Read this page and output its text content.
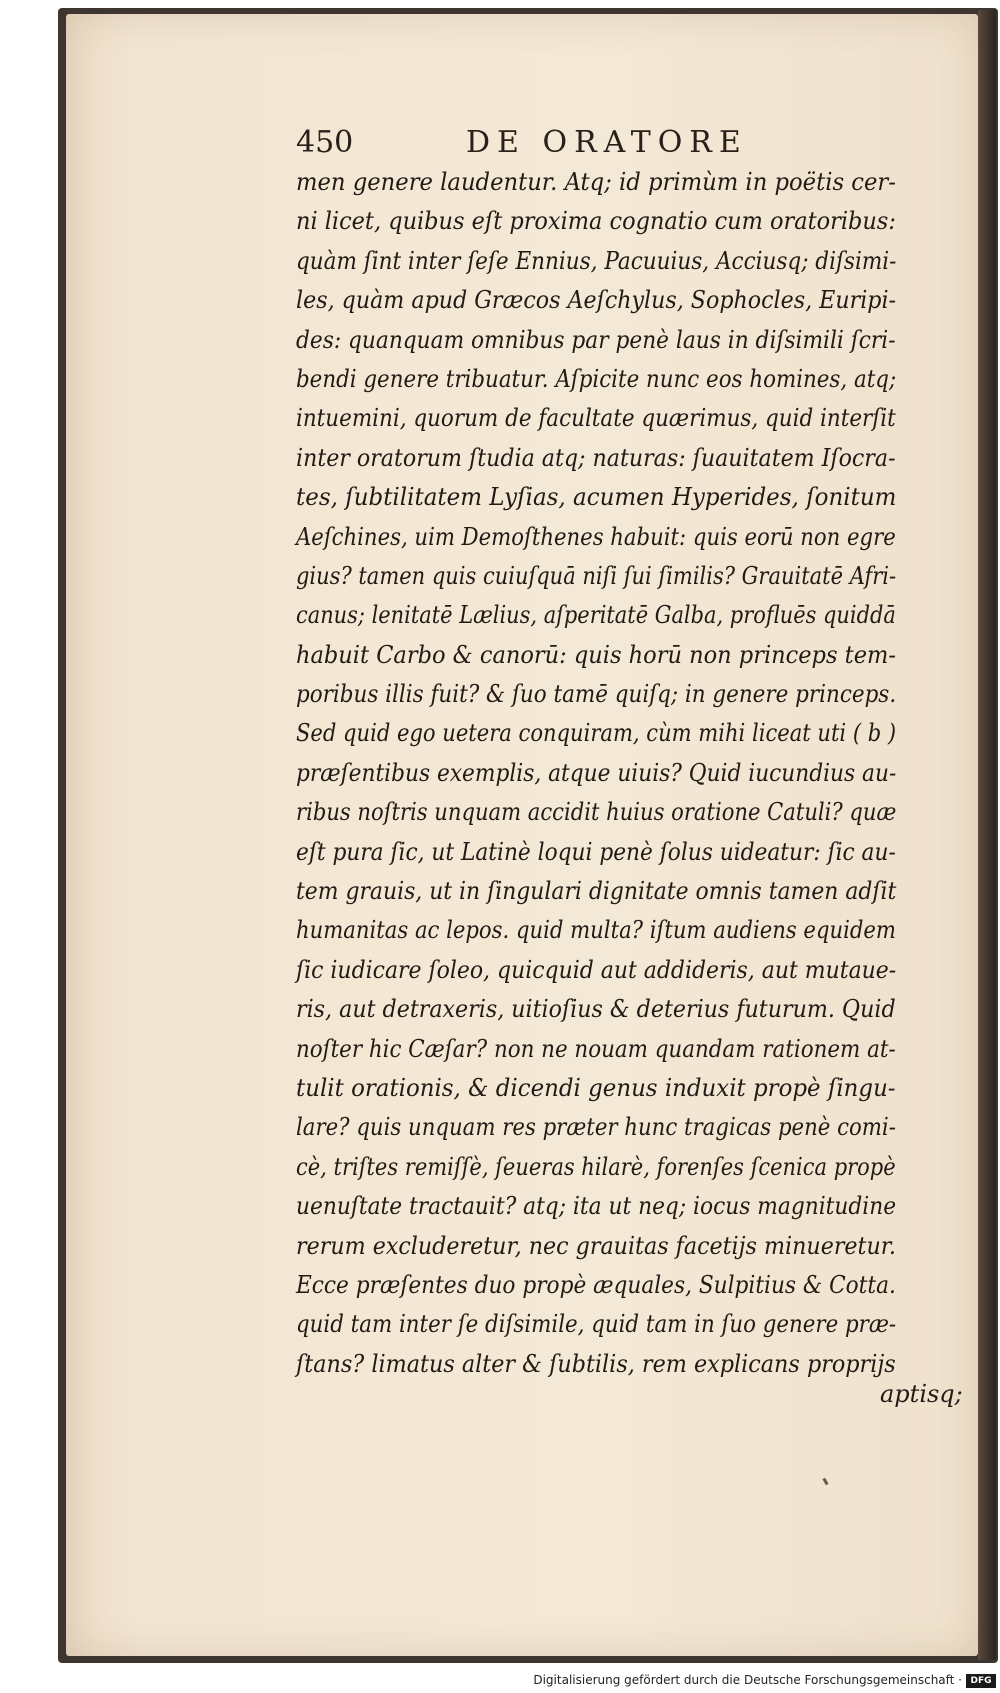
450	DE ORATORE
men genere laudentur. Atq; id primùm in poëtis cer-
ni licet, quibus eſt proxima cognatio cum oratoribus:
quàm ſint inter ſeſe Ennius, Pacuuius, Acciusq; diſsimi-
les, quàm apud Græcos Aeſchylus, Sophocles, Euripi-
des: quanquam omnibus par penè laus in diſsimili ſcri-
bendi genere tribuatur. Aſpicite nunc eos homines, atq;
intuemini, quorum de facultate quærimus, quid interſit
inter oratorum ſtudia atq; naturas: ſuauitatem Iſocra-
tes, ſubtilitatem Lyſias, acumen Hyperides, ſonitum
Aeſchines, uim Demoſthenes habuit: quis eorū non egre
gius? tamen quis cuiuſquā niſi ſui ſimilis? Grauitatē Afri-
canus; lenitatē Lælius, aſperitatē Galba, profluēs quiddā
habuit Carbo & canorū: quis horū non princeps tem-
poribus illis fuit? & ſuo tamē quiſq; in genere princeps.
Sed quid ego uetera conquiram, cùm mihi liceat uti ( b )
præſentibus exemplis, atque uiuis? Quid iucundius au-
ribus noſtris unquam accidit huius oratione Catuli? quæ
eſt pura ſic, ut Latinè loqui penè ſolus uideatur: ſic au-
tem grauis, ut in ſingulari dignitate omnis tamen adſit
humanitas ac lepos. quid multa? iſtum audiens equidem
ſic iudicare ſoleo, quicquid aut addideris, aut mutaue-
ris, aut detraxeris, uitioſius & deterius futurum. Quid
noſter hic Cæſar? non ne nouam quandam rationem at-
tulit orationis, & dicendi genus induxit propè ſingu-
lare? quis unquam res præter hunc tragicas penè comi-
cè, triſtes remiſſè, ſeueras hilarè, forenſes ſcenica propè
uenuſtate tractauit? atq; ita ut neq; iocus magnitudine
rerum excluderetur, nec grauitas facetijs minueretur.
Ecce præſentes duo propè æquales, Sulpitius & Cotta.
quid tam inter ſe diſsimile, quid tam in ſuo genere præ-
ſtans? limatus alter & ſubtilis, rem explicans proprijs
aptisq;
Digitalisierung gefördert durch die Deutsche Forschungsgemeinschaft · DFG
